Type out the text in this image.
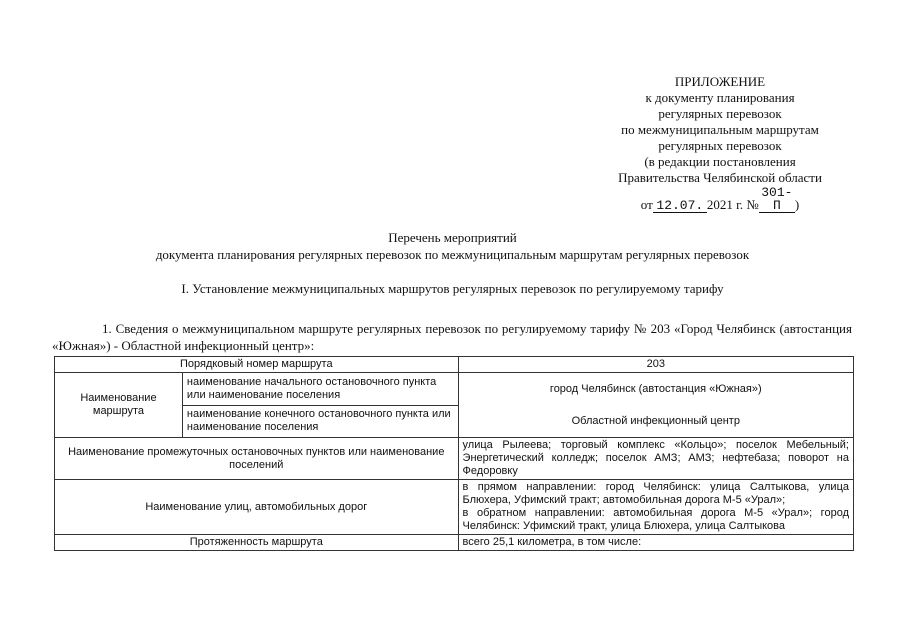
ПРИЛОЖЕНИЕ
к документу планирования
регулярных перевозок
по межмуниципальным маршрутам
регулярных перевозок
(в редакции постановления
Правительства Челябинской области
от 12.07. 2021 г. №301-П )
Перечень мероприятий
документа планирования регулярных перевозок по межмуниципальным маршрутам регулярных перевозок
I. Установление межмуниципальных маршрутов регулярных перевозок по регулируемому тарифу
1. Сведения о межмуниципальном маршруте регулярных перевозок по регулируемому тарифу № 203 «Город Челябинск (автостанция «Южная») - Областной инфекционный центр»:
Порядковый номер маршрута		203
Наименование маршрута	наименование начального остановочного пункта или наименование поселения	город Челябинск (автостанция «Южная»)
	наименование конечного остановочного пункта или наименование поселения	Областной инфекционный центр
Наименование промежуточных остановочных пунктов или наименование поселений		улица Рылеева; торговый комплекс «Кольцо»; поселок Мебельный; Энергетический колледж; поселок АМЗ; АМЗ; нефтебаза; поворот на Федоровку
Наименование улиц, автомобильных дорог		в прямом направлении: город Челябинск: улица Салтыкова, улица Блюхера, Уфимский тракт; автомобильная дорога М-5 «Урал»;
в обратном направлении: автомобильная дорога М-5 «Урал»; город Челябинск: Уфимский тракт, улица Блюхера, улица Салтыкова

Протяженность маршрута		всего 25,1 километра, в том числе:
